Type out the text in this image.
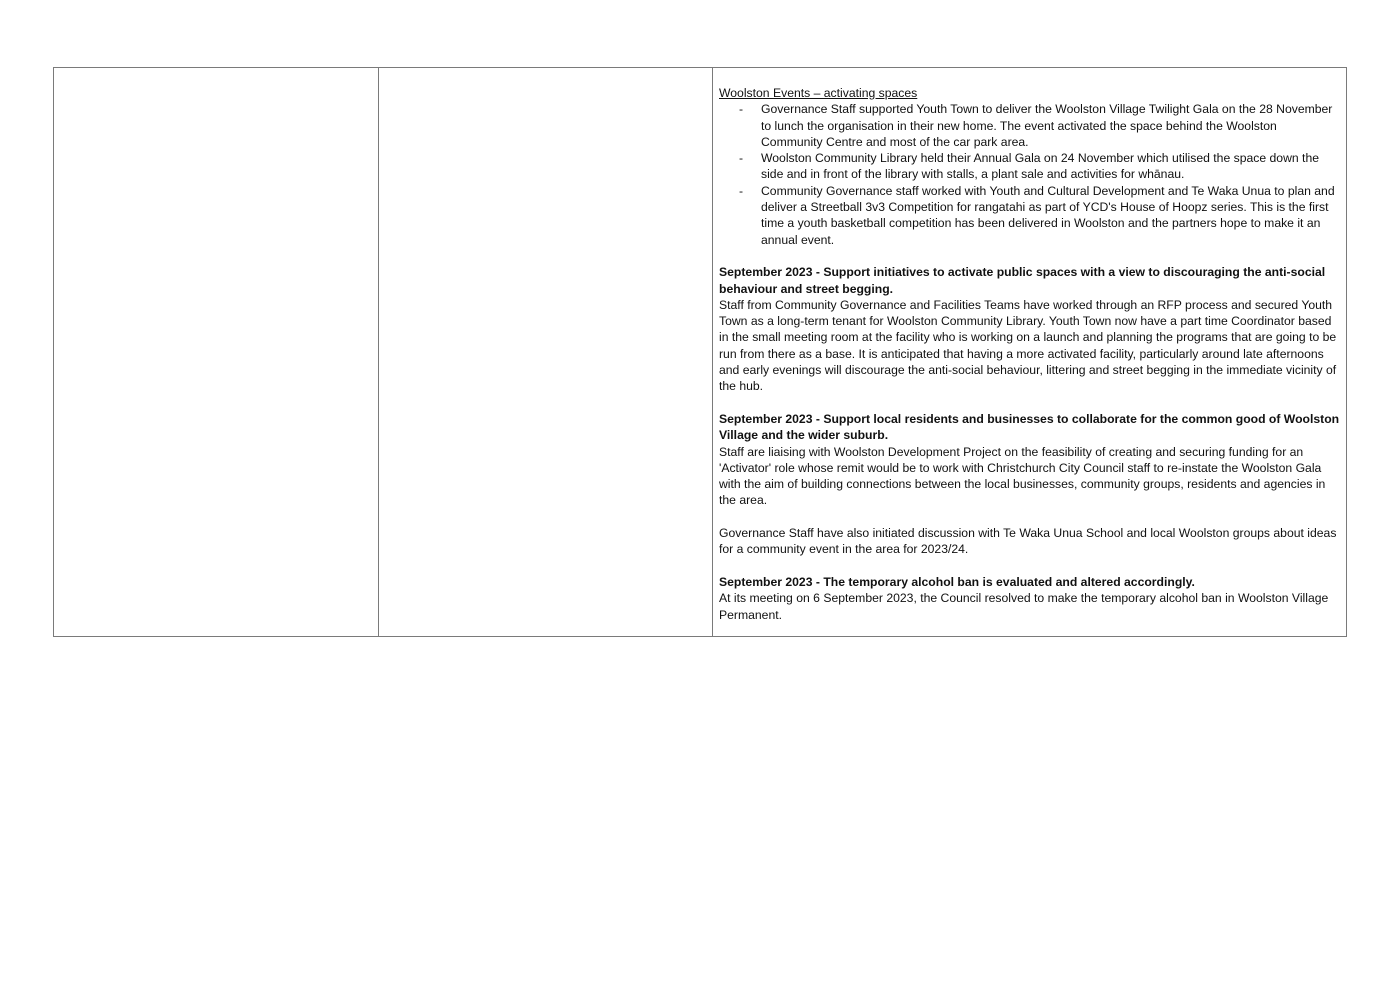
Woolston Events – activating spaces
- Governance Staff supported Youth Town to deliver the Woolston Village Twilight Gala on the 28 November to lunch the organisation in their new home. The event activated the space behind the Woolston Community Centre and most of the car park area.
- Woolston Community Library held their Annual Gala on 24 November which utilised the space down the side and in front of the library with stalls, a plant sale and activities for whānau.
- Community Governance staff worked with Youth and Cultural Development and Te Waka Unua to plan and deliver a Streetball 3v3 Competition for rangatahi as part of YCD's House of Hoopz series. This is the first time a youth basketball competition has been delivered in Woolston and the partners hope to make it an annual event.
September 2023 - Support initiatives to activate public spaces with a view to discouraging the anti-social behaviour and street begging.

Staff from Community Governance and Facilities Teams have worked through an RFP process and secured Youth Town as a long-term tenant for Woolston Community Library. Youth Town now have a part time Coordinator based in the small meeting room at the facility who is working on a launch and planning the programs that are going to be run from there as a base. It is anticipated that having a more activated facility, particularly around late afternoons and early evenings will discourage the anti-social behaviour, littering and street begging in the immediate vicinity of the hub.

September 2023 - Support local residents and businesses to collaborate for the common good of Woolston Village and the wider suburb.

Staff are liaising with Woolston Development Project on the feasibility of creating and securing funding for an 'Activator' role whose remit would be to work with Christchurch City Council staff to re-instate the Woolston Gala with the aim of building connections between the local businesses, community groups, residents and agencies in the area.

Governance Staff have also initiated discussion with Te Waka Unua School and local Woolston groups about ideas for a community event in the area for 2023/24.

September 2023 - The temporary alcohol ban is evaluated and altered accordingly.

At its meeting on 6 September 2023, the Council resolved to make the temporary alcohol ban in Woolston Village Permanent.
